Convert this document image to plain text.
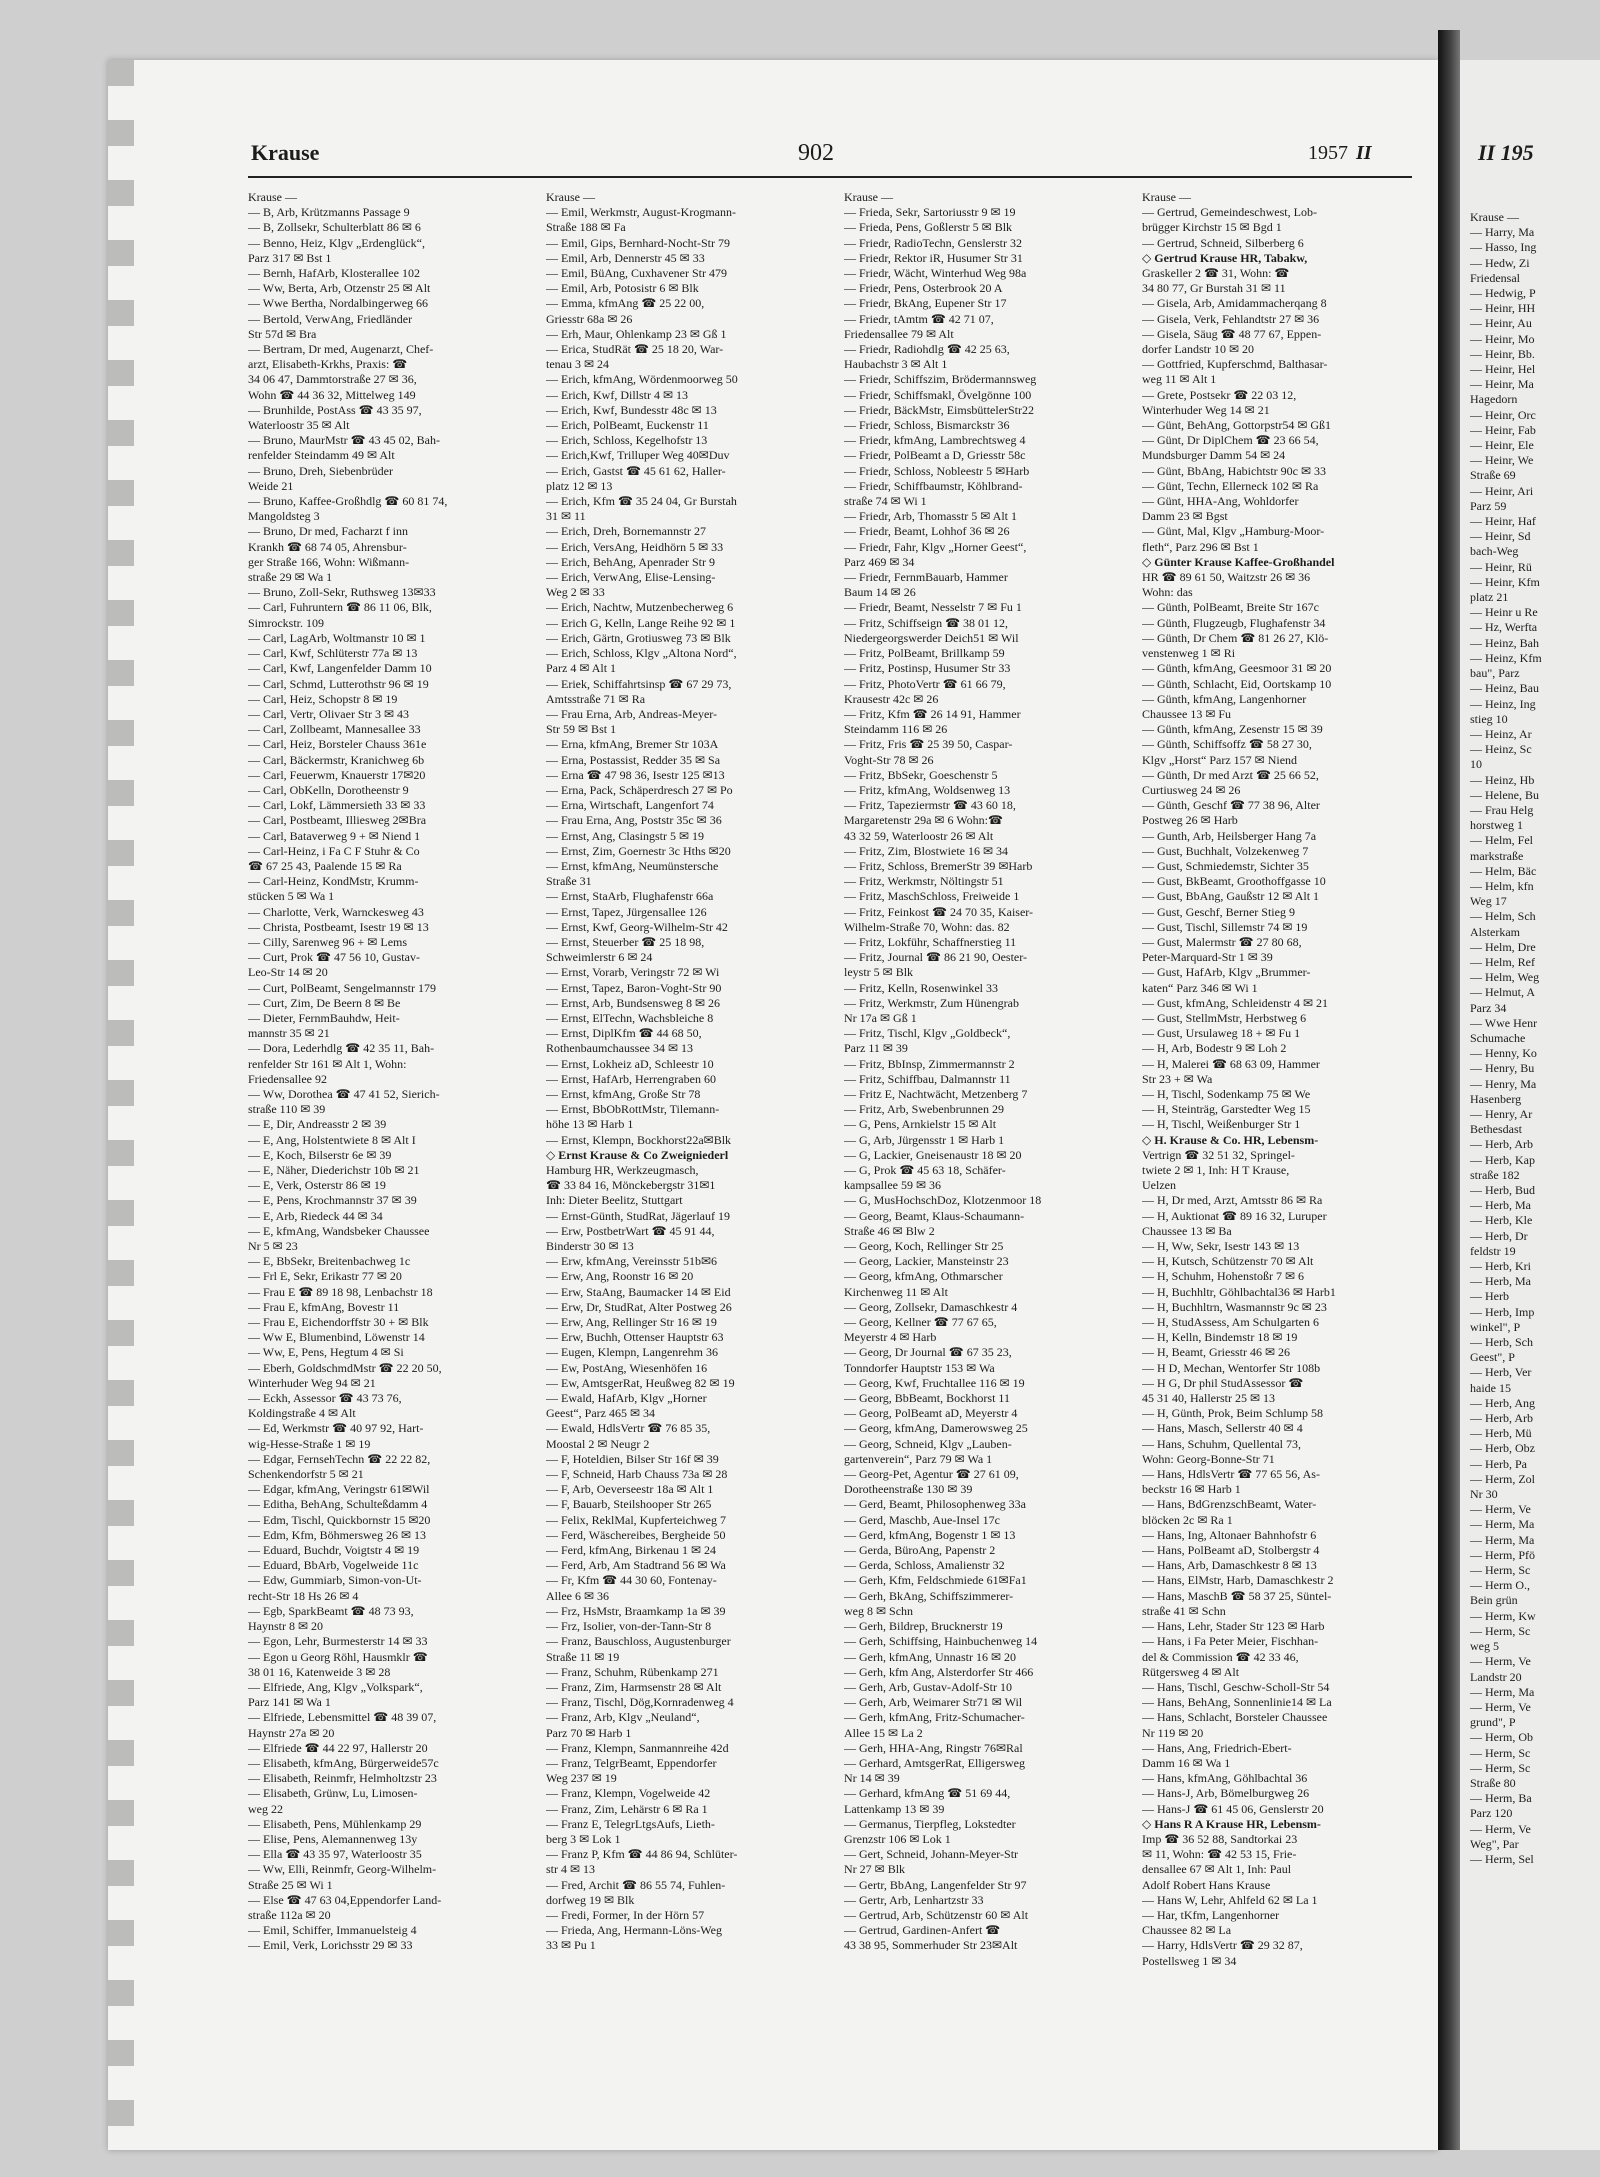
Krause	902	1957 II
Krause —
— B, Arb, Krützmanns Passage 9
— B, Zollsekr, Schulterblatt 86 ✉ 6
— Benno, Heiz, Klgv „Erdenglück“,
Parz 317 ✉ Bst 1
— Bernh, HafArb, Klosterallee 102
— Ww, Berta, Arb, Otzenstr 25 ✉ Alt
— Wwe Bertha, Nordalbingerweg 66
— Bertold, VerwAng, Friedländer
Str 57d ✉ Bra
— Bertram, Dr med, Augenarzt, Chef-
arzt, Elisabeth-Krkhs, Praxis: ☎
34 06 47, Dammtorstraße 27 ✉ 36,
Wohn ☎ 44 36 32, Mittelweg 149
— Brunhilde, PostAss ☎ 43 35 97,
Waterloostr 35 ✉ Alt
— Bruno, MaurMstr ☎ 43 45 02, Bah-
renfelder Steindamm 49 ✉ Alt
— Bruno, Dreh, Siebenbrüder
Weide 21
— Bruno, Kaffee-Großhdlg ☎ 60 81 74,
Mangoldsteg 3
— Bruno, Dr med, Facharzt f inn
Krankh ☎ 68 74 05, Ahrensbur-
ger Straße 166, Wohn: Wißmann-
straße 29 ✉ Wa 1
— Bruno, Zoll-Sekr, Ruthsweg 13✉33
— Carl, Fuhruntern ☎ 86 11 06, Blk,
Simrockstr. 109
— Carl, LagArb, Woltmanstr 10 ✉ 1
— Carl, Kwf, Schlüterstr 77a ✉ 13
— Carl, Kwf, Langenfelder Damm 10
— Carl, Schmd, Lutterothstr 96 ✉ 19
— Carl, Heiz, Schopstr 8 ✉ 19
— Carl, Vertr, Olivaer Str 3 ✉ 43
— Carl, Zollbeamt, Mannesallee 33
— Carl, Heiz, Borsteler Chauss 361e
— Carl, Bäckermstr, Kranichweg 6b
— Carl, Feuerwm, Knauerstr 17✉20
— Carl, ObKelln, Dorotheenstr 9
— Carl, Lokf, Lämmersieth 33 ✉ 33
— Carl, Postbeamt, Illiesweg 2✉Bra
— Carl, Bataverweg 9 + ✉ Niend 1
— Carl-Heinz, i Fa C F Stuhr & Co
☎ 67 25 43, Paalende 15 ✉ Ra
— Carl-Heinz, KondMstr, Krumm-
stücken 5 ✉ Wa 1
— Charlotte, Verk, Warnckesweg 43
— Christa, Postbeamt, Isestr 19 ✉ 13
— Cilly, Sarenweg 96 + ✉ Lems
— Curt, Prok ☎ 47 56 10, Gustav-
Leo-Str 14 ✉ 20
— Curt, PolBeamt, Sengelmannstr 179
— Curt, Zim, De Beern 8 ✉ Be
— Dieter, FernmBauhdw, Heit-
mannstr 35 ✉ 21
— Dora, Lederhdlg ☎ 42 35 11, Bah-
renfelder Str 161 ✉ Alt 1, Wohn:
Friedensallee 92
— Ww, Dorothea ☎ 47 41 52, Sierich-
straße 110 ✉ 39
— E, Dir, Andreasstr 2 ✉ 39
— E, Ang, Holstentwiete 8 ✉ Alt I
— E, Koch, Bilserstr 6e ✉ 39
— E, Näher, Diederichstr 10b ✉ 21
— E, Verk, Osterstr 86 ✉ 19
— E, Pens, Krochmannstr 37 ✉ 39
— E, Arb, Riedeck 44 ✉ 34
— E, kfmAng, Wandsbeker Chaussee
Nr 5 ✉ 23
— E, BbSekr, Breitenbachweg 1c
— Frl E, Sekr, Erikastr 77 ✉ 20
— Frau E ☎ 89 18 98, Lenbachstr 18
— Frau E, kfmAng, Bovestr 11
— Frau E, Eichendorffstr 30 + ✉ Blk
— Ww E, Blumenbind, Löwenstr 14
— Ww, E, Pens, Hegtum 4 ✉ Si
— Eberh, GoldschmdMstr ☎ 22 20 50,
Winterhuder Weg 94 ✉ 21
— Eckh, Assessor ☎ 43 73 76,
Koldingstraße 4 ✉ Alt
— Ed, Werkmstr ☎ 40 97 92, Hart-
wig-Hesse-Straße 1 ✉ 19
— Edgar, FernsehTechn ☎ 22 22 82,
Schenkendorfstr 5 ✉ 21
— Edgar, kfmAng, Veringstr 61✉Wil
— Editha, BehAng, Schulteßdamm 4
— Edm, Tischl, Quickbornstr 15 ✉20
— Edm, Kfm, Böhmersweg 26 ✉ 13
— Eduard, Buchdr, Voigtstr 4 ✉ 19
— Eduard, BbArb, Vogelweide 11c
— Edw, Gummiarb, Simon-von-Ut-
recht-Str 18 Hs 26 ✉ 4
— Egb, SparkBeamt ☎ 48 73 93,
Haynstr 8 ✉ 20
— Egon, Lehr, Burmesterstr 14 ✉ 33
— Egon u Georg Röhl, Hausmklr ☎
38 01 16, Katenweide 3 ✉ 28
— Elfriede, Ang, Klgv „Volkspark“,
Parz 141 ✉ Wa 1
— Elfriede, Lebensmittel ☎ 48 39 07,
Haynstr 27a ✉ 20
— Elfriede ☎ 44 22 97, Hallerstr 20
— Elisabeth, kfmAng, Bürgerweide57c
— Elisabeth, Reinmfr, Helmholtzstr 23
— Elisabeth, Grünw, Lu, Limosen-
weg 22
— Elisabeth, Pens, Mühlenkamp 29
— Elise, Pens, Alemannenweg 13y
— Ella ☎ 43 35 97, Waterloostr 35
— Ww, Elli, Reinmfr, Georg-Wilhelm-
Straße 25 ✉ Wi 1
— Else ☎ 47 63 04,Eppendorfer Land-
straße 112a ✉ 20
— Emil, Schiffer, Immanuelsteig 4
— Emil, Verk, Lorichsstr 29 ✉ 33
Krause —
— Emil, Werkmstr, August-Krogmann-
Straße 188 ✉ Fa
— Emil, Gips, Bernhard-Nocht-Str 79
— Emil, Arb, Dennerstr 45 ✉ 33
— Emil, BüAng, Cuxhavener Str 479
— Emil, Arb, Potosistr 6 ✉ Blk
— Emma, kfmAng ☎ 25 22 00,
Griesstr 68a ✉ 26
— Erh, Maur, Ohlenkamp 23 ✉ Gß 1
— Erica, StudRät ☎ 25 18 20, War-
tenau 3 ✉ 24
— Erich, kfmAng, Wördenmoorweg 50
— Erich, Kwf, Dillstr 4 ✉ 13
— Erich, Kwf, Bundesstr 48c ✉ 13
— Erich, PolBeamt, Euckenstr 11
— Erich, Schloss, Kegelhofstr 13
— Erich,Kwf, Trilluper Weg 40✉Duv
— Erich, Gastst ☎ 45 61 62, Haller-
platz 12 ✉ 13
— Erich, Kfm ☎ 35 24 04, Gr Burstah
31 ✉ 11
— Erich, Dreh, Bornemannstr 27
— Erich, VersAng, Heidhörn 5 ✉ 33
— Erich, BehAng, Apenrader Str 9
— Erich, VerwAng, Elise-Lensing-
Weg 2 ✉ 33
— Erich, Nachtw, Mutzenbecherweg 6
— Erich G, Kelln, Lange Reihe 92 ✉ 1
— Erich, Gärtn, Grotiusweg 73 ✉ Blk
— Erich, Schloss, Klgv „Altona Nord“,
Parz 4 ✉ Alt 1
— Eriek, Schiffahrtsinsp ☎ 67 29 73,
Amtsstraße 71 ✉ Ra
— Frau Erna, Arb, Andreas-Meyer-
Str 59 ✉ Bst 1
— Erna, kfmAng, Bremer Str 103A
— Erna, Postassist, Redder 35 ✉ Sa
— Erna ☎ 47 98 36, Isestr 125 ✉13
— Erna, Pack, Schäperdresch 27 ✉ Po
— Erna, Wirtschaft, Langenfort 74
— Frau Erna, Ang, Poststr 35c ✉ 36
— Ernst, Ang, Clasingstr 5 ✉ 19
— Ernst, Zim, Goernestr 3c Hths ✉20
— Ernst, kfmAng, Neumünstersche
Straße 31
— Ernst, StaArb, Flughafenstr 66a
— Ernst, Tapez, Jürgensallee 126
— Ernst, Kwf, Georg-Wilhelm-Str 42
— Ernst, Steuerber ☎ 25 18 98,
Schweimlerstr 6 ✉ 24
— Ernst, Vorarb, Veringstr 72 ✉ Wi
— Ernst, Tapez, Baron-Voght-Str 90
— Ernst, Arb, Bundsensweg 8 ✉ 26
— Ernst, ElTechn, Wachsbleiche 8
— Ernst, DiplKfm ☎ 44 68 50,
Rothenbaumchaussee 34 ✉ 13
— Ernst, Lokheiz aD, Schleestr 10
— Ernst, HafArb, Herrengraben 60
— Ernst, kfmAng, Große Str 78
— Ernst, BbObRottMstr, Tilemann-
höhe 13 ✉ Harb 1
— Ernst, Klempn, Bockhorst22a✉Blk
◇ Ernst Krause & Co Zweigniederl
Hamburg HR, Werkzeugmasch,
☎ 33 84 16, Mönckebergstr 31✉1
Inh: Dieter Beelitz, Stuttgart
— Ernst-Günth, StudRat, Jägerlauf 19
— Erw, PostbetrWart ☎ 45 91 44,
Binderstr 30 ✉ 13
— Erw, kfmAng, Vereinsstr 51b✉6
— Erw, Ang, Roonstr 16 ✉ 20
— Erw, StaAng, Baumacker 14 ✉ Eid
— Erw, Dr, StudRat, Alter Postweg 26
— Erw, Ang, Rellinger Str 16 ✉ 19
— Erw, Buchh, Ottenser Hauptstr 63
— Eugen, Klempn, Langenrehm 36
— Ew, PostAng, Wiesenhöfen 16
— Ew, AmtsgerRat, Heußweg 82 ✉ 19
— Ewald, HafArb, Klgv „Horner
Geest“, Parz 465 ✉ 34
— Ewald, HdlsVertr ☎ 76 85 35,
Moostal 2 ✉ Neugr 2
— F, Hoteldien, Bilser Str 16f ✉ 39
— F, Schneid, Harb Chauss 73a ✉ 28
— F, Arb, Oeverseestr 18a ✉ Alt 1
— F, Bauarb, Steilshooper Str 265
— Felix, ReklMal, Kupferteichweg 7
— Ferd, Wäschereibes, Bergheide 50
— Ferd, kfmAng, Birkenau 1 ✉ 24
— Ferd, Arb, Am Stadtrand 56 ✉ Wa
— Fr, Kfm ☎ 44 30 60, Fontenay-
Allee 6 ✉ 36
— Frz, HsMstr, Braamkamp 1a ✉ 39
— Frz, Isolier, von-der-Tann-Str 8
— Franz, Bauschloss, Augustenburger
Straße 11 ✉ 19
— Franz, Schuhm, Rübenkamp 271
— Franz, Zim, Harmsenstr 28 ✉ Alt
— Franz, Tischl, Dög,Kornradenweg 4
— Franz, Arb, Klgv „Neuland“,
Parz 70 ✉ Harb 1
— Franz, Klempn, Sanmannreihe 42d
— Franz, TelgrBeamt, Eppendorfer
Weg 237 ✉ 19
— Franz, Klempn, Vogelweide 42
— Franz, Zim, Lehärstr 6 ✉ Ra 1
— Franz E, TelegrLtgsAufs, Lieth-
berg 3 ✉ Lok 1
— Franz P, Kfm ☎ 44 86 94, Schlüter-
str 4 ✉ 13
— Fred, Archit ☎ 86 55 74, Fuhlen-
dorfweg 19 ✉ Blk
— Fredi, Former, In der Hörn 57
— Frieda, Ang, Hermann-Löns-Weg
33 ✉ Pu 1
Krause —
— Frieda, Sekr, Sartoriusstr 9 ✉ 19
— Frieda, Pens, Goßlerstr 5 ✉ Blk
— Friedr, RadioTechn, Genslerstr 32
— Friedr, Rektor iR, Husumer Str 31
— Friedr, Wächt, Winterhud Weg 98a
— Friedr, Pens, Osterbrook 20 A
— Friedr, BkAng, Eupener Str 17
— Friedr, tAmtm ☎ 42 71 07,
Friedensallee 79 ✉ Alt
— Friedr, Radiohdlg ☎ 42 25 63,
Haubachstr 3 ✉ Alt 1
— Friedr, Schiffszim, Brödermannsweg
— Friedr, Schiffsmakl, Övelgönne 100
— Friedr, BäckMstr, EimsbüttelerStr22
— Friedr, Schloss, Bismarckstr 36
— Friedr, kfmAng, Lambrechtsweg 4
— Friedr, PolBeamt a D, Griesstr 58c
— Friedr, Schloss, Nobleestr 5 ✉Harb
— Friedr, Schiffbaumstr, Köhlbrand-
straße 74 ✉ Wi 1
— Friedr, Arb, Thomasstr 5 ✉ Alt 1
— Friedr, Beamt, Lohhof 36 ✉ 26
— Friedr, Fahr, Klgv „Horner Geest“,
Parz 469 ✉ 34
— Friedr, FernmBauarb, Hammer
Baum 14 ✉ 26
— Friedr, Beamt, Nesselstr 7 ✉ Fu 1
— Fritz, Schiffseign ☎ 38 01 12,
Niedergeorgswerder Deich51 ✉ Wil
— Fritz, PolBeamt, Brillkamp 59
— Fritz, Postinsp, Husumer Str 33
— Fritz, PhotoVertr ☎ 61 66 79,
Krausestr 42c ✉ 26
— Fritz, Kfm ☎ 26 14 91, Hammer
Steindamm 116 ✉ 26
— Fritz, Fris ☎ 25 39 50, Caspar-
Voght-Str 78 ✉ 26
— Fritz, BbSekr, Goeschenstr 5
— Fritz, kfmAng, Woldsenweg 13
— Fritz, Tapeziermstr ☎ 43 60 18,
Margaretenstr 29a ✉ 6 Wohn:☎
43 32 59, Waterloostr 26 ✉ Alt
— Fritz, Zim, Blostwiete 16 ✉ 34
— Fritz, Schloss, BremerStr 39 ✉Harb
— Fritz, Werkmstr, Nöltingstr 51
— Fritz, MaschSchloss, Freiweide 1
— Fritz, Feinkost ☎ 24 70 35, Kaiser-
Wilhelm-Straße 70, Wohn: das. 82
— Fritz, Lokführ, Schaffnerstieg 11
— Fritz, Journal ☎ 86 21 90, Oester-
leystr 5 ✉ Blk
— Fritz, Kelln, Rosenwinkel 33
— Fritz, Werkmstr, Zum Hünengrab
Nr 17a ✉ Gß 1
— Fritz, Tischl, Klgv „Goldbeck“,
Parz 11 ✉ 39
— Fritz, BbInsp, Zimmermannstr 2
— Fritz, Schiffbau, Dalmannstr 11
— Fritz E, Nachtwächt, Metzenberg 7
— Fritz, Arb, Swebenbrunnen 29
— G, Pens, Arnkielstr 15 ✉ Alt
— G, Arb, Jürgensstr 1 ✉ Harb 1
— G, Lackier, Gneisenaustr 18 ✉ 20
— G, Prok ☎ 45 63 18, Schäfer-
kampsallee 59 ✉ 36
— G, MusHochschDoz, Klotzenmoor 18
— Georg, Beamt, Klaus-Schaumann-
Straße 46 ✉ Blw 2
— Georg, Koch, Rellinger Str 25
— Georg, Lackier, Mansteinstr 23
— Georg, kfmAng, Othmarscher
Kirchenweg 11 ✉ Alt
— Georg, Zollsekr, Damaschkestr 4
— Georg, Kellner ☎ 77 67 65,
Meyerstr 4 ✉ Harb
— Georg, Dr Journal ☎ 67 35 23,
Tonndorfer Hauptstr 153 ✉ Wa
— Georg, Kwf, Fruchtallee 116 ✉ 19
— Georg, BbBeamt, Bockhorst 11
— Georg, PolBeamt aD, Meyerstr 4
— Georg, kfmAng, Damerowsweg 25
— Georg, Schneid, Klgv „Lauben-
gartenverein“, Parz 79 ✉ Wa 1
— Georg-Pet, Agentur ☎ 27 61 09,
Dorotheenstraße 130 ✉ 39
— Gerd, Beamt, Philosophenweg 33a
— Gerd, Maschb, Aue-Insel 17c
— Gerd, kfmAng, Bogenstr 1 ✉ 13
— Gerda, BüroAng, Papenstr 2
— Gerda, Schloss, Amalienstr 32
— Gerh, Kfm, Feldschmiede 61✉Fa1
— Gerh, BkAng, Schiffszimmerer-
weg 8 ✉ Schn
— Gerh, Bildrep, Brucknerstr 19
— Gerh, Schiffsing, Hainbuchenweg 14
— Gerh, kfmAng, Unnastr 16 ✉ 20
— Gerh, kfm Ang, Alsterdorfer Str 466
— Gerh, Arb, Gustav-Adolf-Str 10
— Gerh, Arb, Weimarer Str71 ✉ Wil
— Gerh, kfmAng, Fritz-Schumacher-
Allee 15 ✉ La 2
— Gerh, HHA-Ang, Ringstr 76✉Ral
— Gerhard, AmtsgerRat, Elligersweg
Nr 14 ✉ 39
— Gerhard, kfmAng ☎ 51 69 44,
Lattenkamp 13 ✉ 39
— Germanus, Tierpfleg, Lokstedter
Grenzstr 106 ✉ Lok 1
— Gert, Schneid, Johann-Meyer-Str
Nr 27 ✉ Blk
— Gertr, BbAng, Langenfelder Str 97
— Gertr, Arb, Lenhartzstr 33
— Gertrud, Arb, Schützenstr 60 ✉ Alt
— Gertrud, Gardinen-Anfert ☎
43 38 95, Sommerhuder Str 23✉Alt
Krause —
— Gertrud, Gemeindeschwest, Lob-
brügger Kirchstr 15 ✉ Bgd 1
— Gertrud, Schneid, Silberberg 6
◇ Gertrud Krause HR, Tabakw,
Graskeller 2 ☎ 31, Wohn: ☎
34 80 77, Gr Burstah 31 ✉ 11
— Gisela, Arb, Amidammacherqang 8
— Gisela, Verk, Fehlandtstr 27 ✉ 36
— Gisela, Säug ☎ 48 77 67, Eppen-
dorfer Landstr 10 ✉ 20
— Gottfried, Kupferschmd, Balthasar-
weg 11 ✉ Alt 1
— Grete, Postsekr ☎ 22 03 12,
Winterhuder Weg 14 ✉ 21
— Günt, BehAng, Gottorpstr54 ✉ Gß1
— Günt, Dr DiplChem ☎ 23 66 54,
Mundsburger Damm 54 ✉ 24
— Günt, BbAng, Habichtstr 90c ✉ 33
— Günt, Techn, Ellerneck 102 ✉ Ra
— Günt, HHA-Ang, Wohldorfer
Damm 23 ✉ Bgst
— Günt, Mal, Klgv „Hamburg-Moor-
fleth“, Parz 296 ✉ Bst 1
◇ Günter Krause Kaffee-Großhandel
HR ☎ 89 61 50, Waitzstr 26 ✉ 36
Wohn: das
— Günth, PolBeamt, Breite Str 167c
— Günth, Flugzeugb, Flughafenstr 34
— Günth, Dr Chem ☎ 81 26 27, Klö-
venstenweg 1 ✉ Ri
— Günth, kfmAng, Geesmoor 31 ✉ 20
— Günth, Schlacht, Eid, Oortskamp 10
— Günth, kfmAng, Langenhorner
Chaussee 13 ✉ Fu
— Günth, kfmAng, Zesenstr 15 ✉ 39
— Günth, Schiffsoffz ☎ 58 27 30,
Klgv „Horst“ Parz 157 ✉ Niend
— Günth, Dr med Arzt ☎ 25 66 52,
Curtiusweg 24 ✉ 26
— Günth, Geschf ☎ 77 38 96, Alter
Postweg 26 ✉ Harb
— Gunth, Arb, Heilsberger Hang 7a
— Gust, Buchhalt, Volzekenweg 7
— Gust, Schmiedemstr, Sichter 35
— Gust, BkBeamt, Groothoffgasse 10
— Gust, BbAng, Gaußstr 12 ✉ Alt 1
— Gust, Geschf, Berner Stieg 9
— Gust, Tischl, Sillemstr 74 ✉ 19
— Gust, Malermstr ☎ 27 80 68,
Peter-Marquard-Str 1 ✉ 39
— Gust, HafArb, Klgv „Brummer-
katen“ Parz 346 ✉ Wi 1
— Gust, kfmAng, Schleidenstr 4 ✉ 21
— Gust, StellmMstr, Herbstweg 6
— Gust, Ursulaweg 18 + ✉ Fu 1
— H, Arb, Bodestr 9 ✉ Loh 2
— H, Malerei ☎ 68 63 09, Hammer
Str 23 + ✉ Wa
— H, Tischl, Sodenkamp 75 ✉ We
— H, Steinträg, Garstedter Weg 15
— H, Tischl, Weißenburger Str 1
◇ H. Krause & Co. HR, Lebensm-
Vertrign ☎ 32 51 32, Springel-
twiete 2 ✉ 1, Inh: H T Krause,
Uelzen
— H, Dr med, Arzt, Amtsstr 86 ✉ Ra
— H, Auktionat ☎ 89 16 32, Luruper
Chaussee 13 ✉ Ba
— H, Ww, Sekr, Isestr 143 ✉ 13
— H, Kutsch, Schützenstr 70 ✉ Alt
— H, Schuhm, Hohenstoßr 7 ✉ 6
— H, Buchhltr, Göhlbachtal36 ✉ Harb1
— H, Buchhltrn, Wasmannstr 9c ✉ 23
— H, StudAssess, Am Schulgarten 6
— H, Kelln, Bindemstr 18 ✉ 19
— H, Beamt, Griesstr 46 ✉ 26
— H D, Mechan, Wentorfer Str 108b
— H G, Dr phil StudAssessor ☎
45 31 40, Hallerstr 25 ✉ 13
— H, Günth, Prok, Beim Schlump 58
— Hans, Masch, Sellerstr 40 ✉ 4
— Hans, Schuhm, Quellental 73,
Wohn: Georg-Bonne-Str 71
— Hans, HdlsVertr ☎ 77 65 56, As-
beckstr 16 ✉ Harb 1
— Hans, BdGrenzschBeamt, Water-
blöcken 2c ✉ Ra 1
— Hans, Ing, Altonaer Bahnhofstr 6
— Hans, PolBeamt aD, Stolbergstr 4
— Hans, Arb, Damaschkestr 8 ✉ 13
— Hans, ElMstr, Harb, Damaschkestr 2
— Hans, MaschB ☎ 58 37 25, Süntel-
straße 41 ✉ Schn
— Hans, Lehr, Stader Str 123 ✉ Harb
— Hans, i Fa Peter Meier, Fischhan-
del & Commission ☎ 42 33 46,
Rütgersweg 4 ✉ Alt
— Hans, Tischl, Geschw-Scholl-Str 54
— Hans, BehAng, Sonnenlinie14 ✉ La
— Hans, Schlacht, Borsteler Chaussee
Nr 119 ✉ 20
— Hans, Ang, Friedrich-Ebert-
Damm 16 ✉ Wa 1
— Hans, kfmAng, Göhlbachtal 36
— Hans-J, Arb, Bömelburgweg 26
— Hans-J ☎ 61 45 06, Genslerstr 20
◇ Hans R A Krause HR, Lebensm-
Imp ☎ 36 52 88, Sandtorkai 23
✉ 11, Wohn: ☎ 42 53 15, Frie-
densallee 67 ✉ Alt 1, Inh: Paul
Adolf Robert Hans Krause
— Hans W, Lehr, Ahlfeld 62 ✉ La 1
— Har, tKfm, Langenhorner
Chaussee 82 ✉ La
— Harry, HdlsVertr ☎ 29 32 87,
Postellsweg 1 ✉ 34
II 195
Krause —
— Harry, Ma
— Hasso, Ing
— Hedw, Zi
Friedensal
— Hedwig, P
— Heinr, HH
— Heinr, Au
— Heinr, Mo
— Heinr, Bb.
— Heinr, Hel
— Heinr, Ma
Hagedorn
— Heinr, Orc
— Heinr, Fab
— Heinr, Ele
— Heinr, We
Straße 69
— Heinr, Ari
Parz 59
— Heinr, Haf
— Heinr, Sd
bach-Weg
— Heinr, Rü
— Heinr, Kfm
platz 21
— Heinr u Re
— Hz, Werfta
— Heinz, Bah
— Heinz, Kfm
bau", Parz
— Heinz, Bau
— Heinz, Ing
stieg 10
— Heinz, Ar
— Heinz, Sc
10
— Heinz, Hb
— Helene, Bu
— Frau Helg
horstweg 1
— Helm, Fel
markstraße
— Helm, Bäc
— Helm, kfn
Weg 17
— Helm, Sch
Alsterkam
— Helm, Dre
— Helm, Ref
— Helm, Weg
— Helmut, A
Parz 34
— Wwe Henr
Schumache
— Henny, Ko
— Henry, Bu
— Henry, Ma
Hasenberg
— Henry, Ar
Bethesdast
— Herb, Arb
— Herb, Kap
straße 182
— Herb, Bud
— Herb, Ma
— Herb, Kle
— Herb, Dr
feldstr 19
— Herb, Kri
— Herb, Ma
— Herb
— Herb, Imp
winkel", P
— Herb, Sch
Geest", P
— Herb, Ver
haide 15
— Herb, Ang
— Herb, Arb
— Herb, Mü
— Herb, Obz
— Herb, Pa
— Herm, Zol
Nr 30
— Herm, Ve
— Herm, Ma
— Herm, Ma
— Herm, Pfö
— Herm, Sc
— Herm O.,
Bein grün
— Herm, Kw
— Herm, Sc
weg 5
— Herm, Ve
Landstr 20
— Herm, Ma
— Herm, Ve
grund", P
— Herm, Ob
— Herm, Sc
— Herm, Sc
Straße 80
— Herm, Ba
Parz 120
— Herm, Ve
Weg", Par
— Herm, Sel
